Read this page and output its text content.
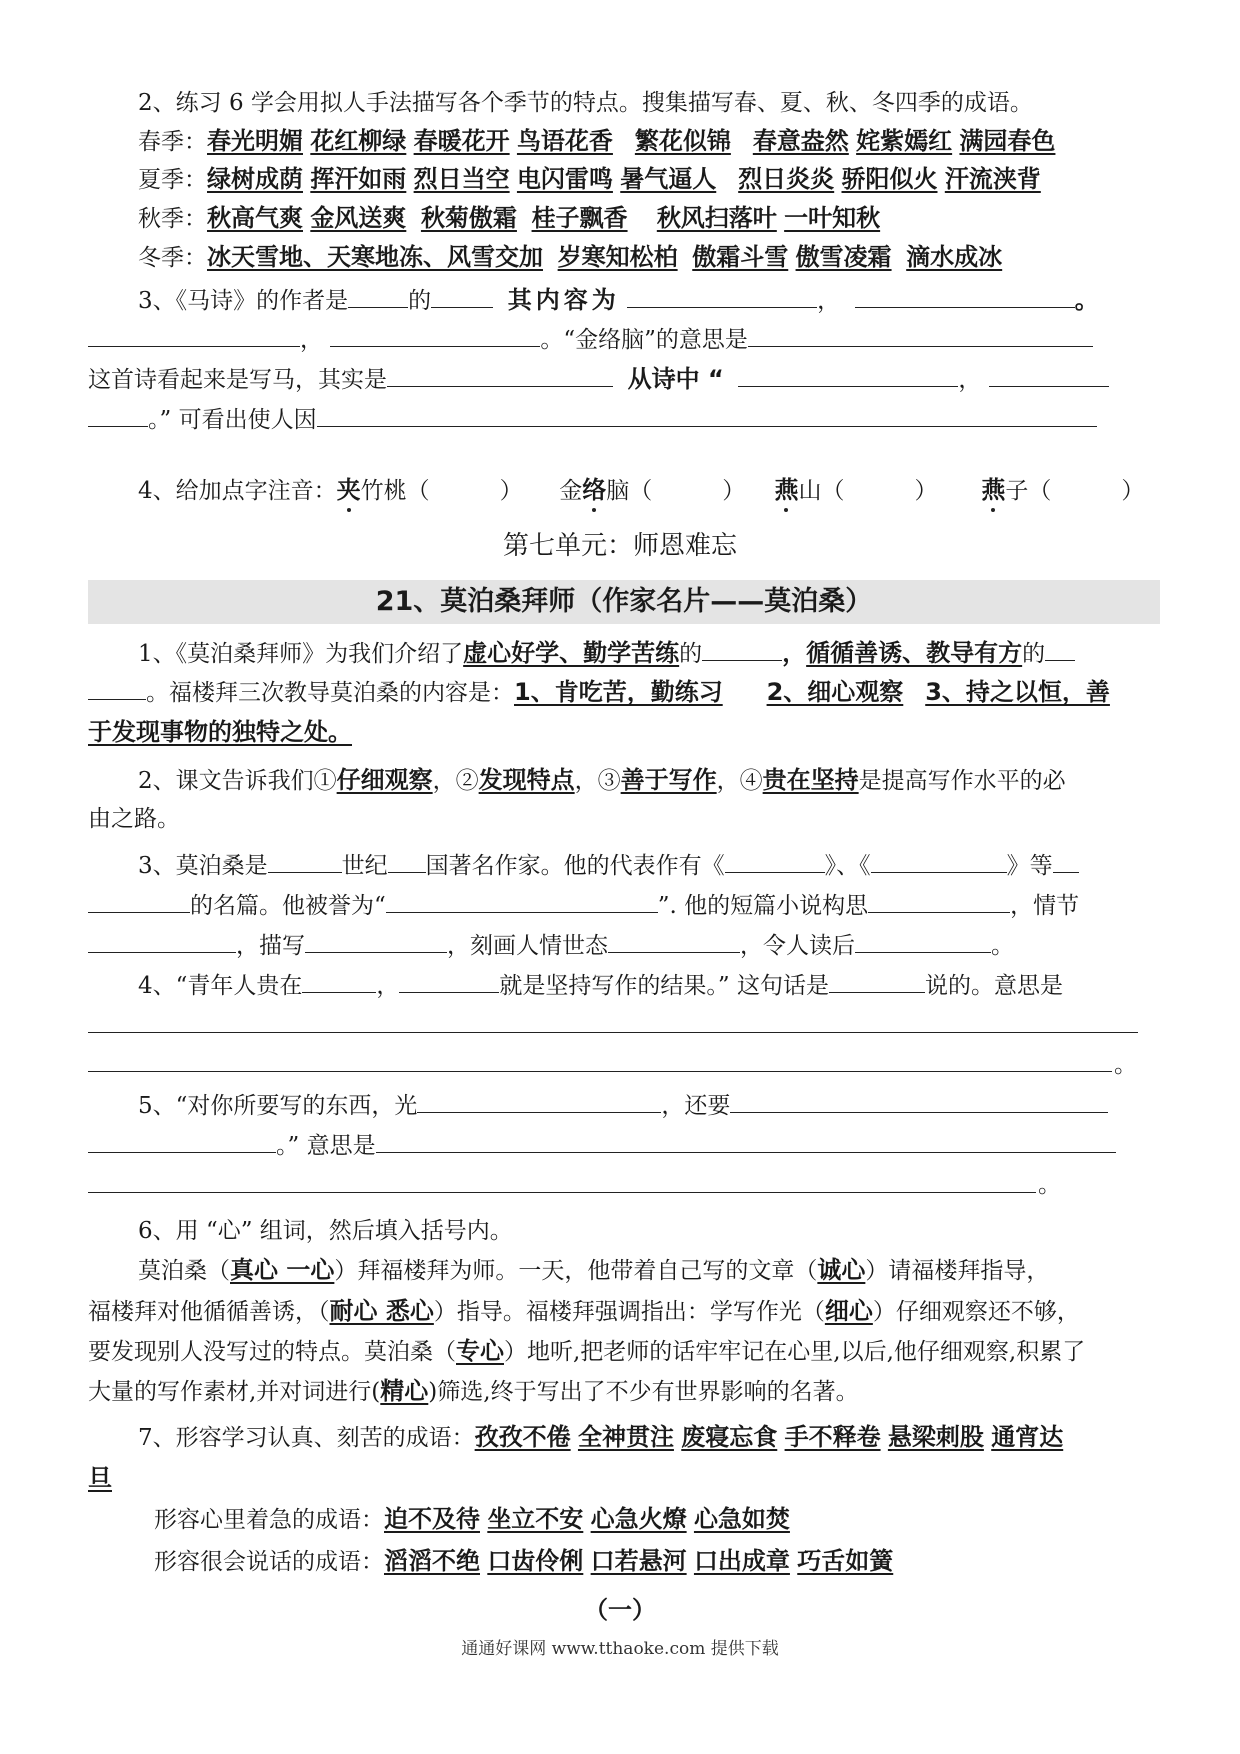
2、练习 6 学会用拟人手法描写各个季节的特点。搜集描写春、夏、秋、冬四季的成语。
春季：春光明媚 花红柳绿 春暖花开 鸟语花香 繁花似锦 春意盎然 姹紫嫣红 满园春色
夏季：绿树成荫 挥汗如雨 烈日当空 电闪雷鸣 暑气逼人 烈日炎炎 骄阳似火 汗流浃背
秋季：秋高气爽 金风送爽 秋菊傲霜 桂子飘香 秋风扫落叶 一叶知秋
冬季：冰天雪地、天寒地冻、风雪交加 岁寒知松柏 傲霜斗雪 傲雪凌霜 滴水成冰
3、《马诗》的作者是	的	其内容为	，	。
，	。“金络脑”的意思是
这首诗看起来是写马，其实是	从诗中 “	，
。” 可看出使人因
4、给加点字注音：夹竹桃（	） 金络脑（	） 燕山（	） 燕子（	）
第七单元：师恩难忘
21、莫泊桑拜师（作家名片——莫泊桑）
1、《莫泊桑拜师》为我们介绍了虚心好学、勤学苦练的	，循循善诱、教导有方的
。福楼拜三次教导莫泊桑的内容是：1、肯吃苦，勤练习 2、细心观察 3、持之以恒，善
于发现事物的独特之处。
2、课文告诉我们①仔细观察，②发现特点，③善于写作，④贵在坚持是提高写作水平的必
由之路。
3、莫泊桑是	世纪 国著名作家。他的代表作有《	》、《	》等
的名篇。他被誉为“	”. 他的短篇小说构思	，情节
，描写	，刻画人情世态	，令人读后	。
4、“青年人贵在	，	就是坚持写作的结果。” 这句话是	说的。意思是
。
5、“对你所要写的东西，光	，还要
。” 意思是
。
6、用 “心” 组词，然后填入括号内。
莫泊桑（真心 一心）拜福楼拜为师。一天，他带着自己写的文章（诚心）请福楼拜指导，
福楼拜对他循循善诱，（耐心 悉心）指导。福楼拜强调指出：学写作光（细心）仔细观察还不够，
要发现别人没写过的特点。莫泊桑（专心）地听,把老师的话牢牢记在心里,以后,他仔细观察,积累了
大量的写作素材,并对词进行(精心)筛选,终于写出了不少有世界影响的名著。
7、形容学习认真、刻苦的成语：孜孜不倦 全神贯注 废寝忘食 手不释卷 悬梁刺股 通宵达
旦
形容心里着急的成语：迫不及待 坐立不安 心急火燎 心急如焚
形容很会说话的成语：滔滔不绝 口齿伶俐 口若悬河 口出成章 巧舌如簧
（一）
通通好课网 www.tthaoke.com 提供下载
